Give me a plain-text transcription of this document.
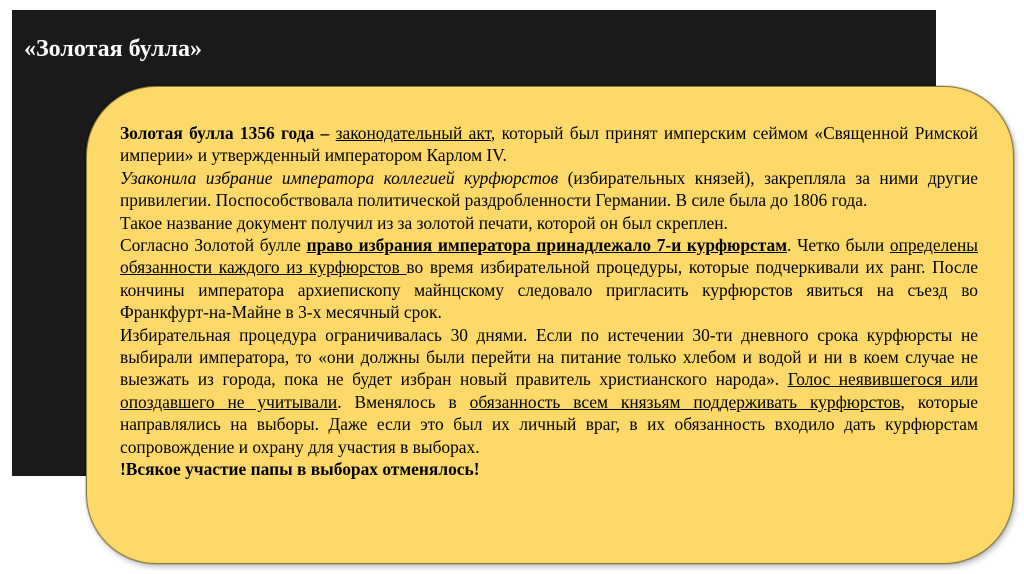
«Золотая булла»

Золотая булла 1356 года – законодательный акт, который был принят имперским сеймом «Священной Римской империи» и утвержденный императором Карлом IV.

Узаконила избрание императора коллегией курфюрстов (избирательных князей), закрепляла за ними другие привилегии. Поспособствовала политической раздробленности Германии. В силе была до 1806 года.

Такое название документ получил из за золотой печати, которой он был скреплен.

Согласно Золотой булле право избрания императора принадлежало 7-и курфюрстам. Четко были определены обязанности каждого из курфюрстов во время избирательной процедуры, которые подчеркивали их ранг. После кончины императора архиепископу майнцскому следовало пригласить курфюрстов явиться на съезд во Франкфурт-на-Майне в 3-х месячный срок.

Избирательная процедура ограничивалась 30 днями. Если по истечении 30-ти дневного срока курфюрсты не выбирали императора, то «они должны были перейти на питание только хлебом и водой и ни в коем случае не выезжать из города, пока не будет избран новый правитель христианского народа». Голос неявившегося или опоздавшего не учитывали. Вменялось в обязанность всем князьям поддерживать курфюрстов, которые направлялись на выборы. Даже если это был их личный враг, в их обязанность входило дать курфюрстам сопровождение и охрану для участия в выборах.

!Всякое участие папы в выборах отменялось!
